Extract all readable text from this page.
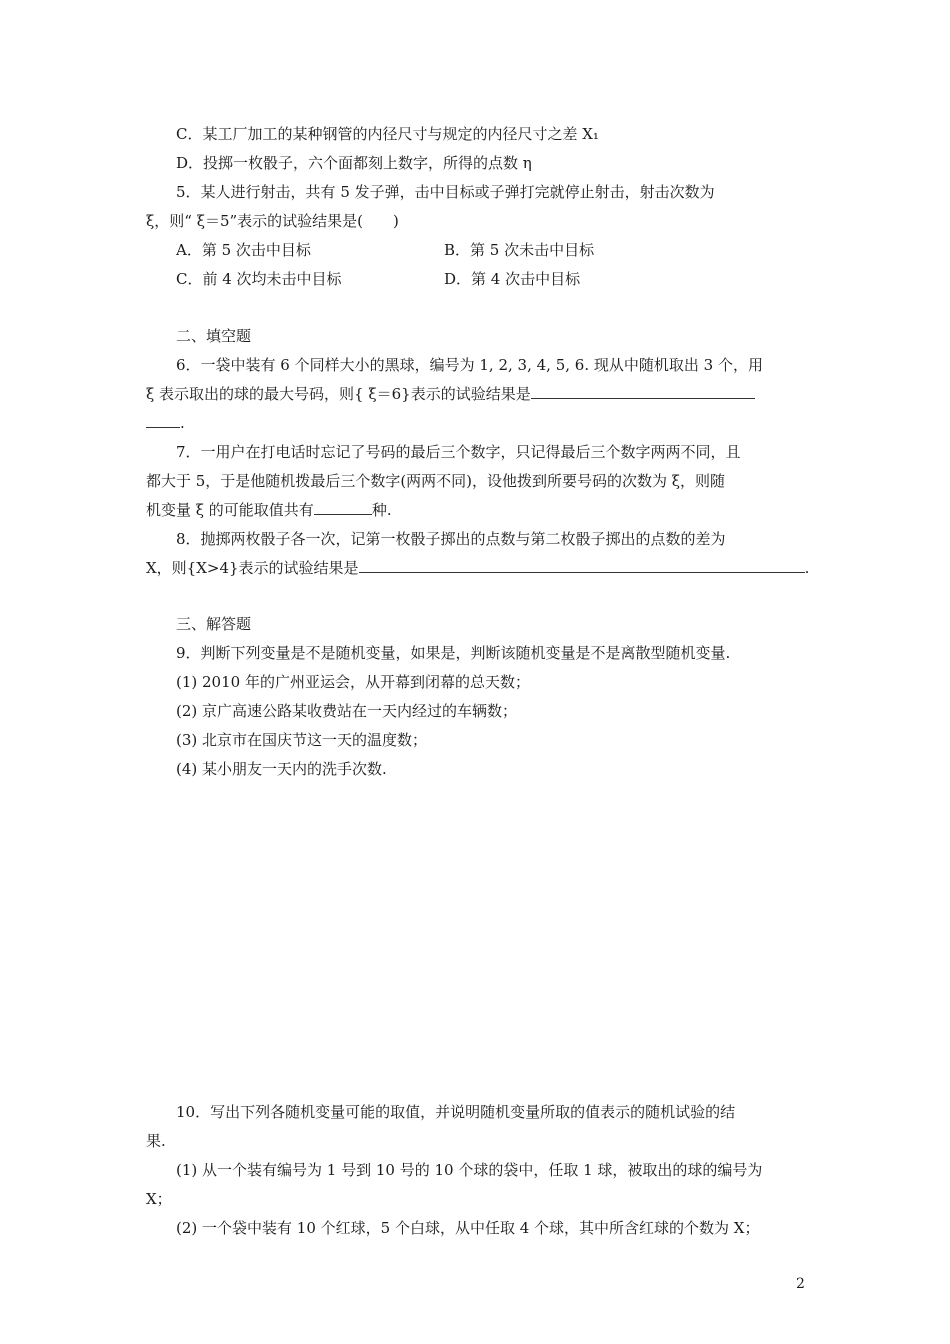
C．某工厂加工的某种钢管的内径尺寸与规定的内径尺寸之差 X₁
D．投掷一枚骰子，六个面都刻上数字，所得的点数 η
5．某人进行射击，共有 5 发子弹，击中目标或子弹打完就停止射击，射击次数为
ξ，则“ ξ＝5”表示的试验结果是(　　)
A．第 5 次击中目标	B．第 5 次未击中目标
C．前 4 次均未击中目标	D．第 4 次击中目标
二、填空题
6．一袋中装有 6 个同样大小的黑球，编号为 1, 2, 3, 4, 5, 6. 现从中随机取出 3 个，用
ξ 表示取出的球的最大号码，则{ ξ＝6}表示的试验结果是
.
7．一用户在打电话时忘记了号码的最后三个数字，只记得最后三个数字两两不同，且
都大于 5，于是他随机拨最后三个数字(两两不同)，设他拨到所要号码的次数为 ξ，则随
机变量 ξ 的可能取值共有	种.
8．抛掷两枚骰子各一次，记第一枚骰子掷出的点数与第二枚骰子掷出的点数的差为
X，则{X>4}表示的试验结果是	.
三、解答题
9．判断下列变量是不是随机变量，如果是，判断该随机变量是不是离散型随机变量.
(1) 2010 年的广州亚运会，从开幕到闭幕的总天数；
(2) 京广高速公路某收费站在一天内经过的车辆数；
(3) 北京市在国庆节这一天的温度数；
(4) 某小朋友一天内的洗手次数.
10．写出下列各随机变量可能的取值，并说明随机变量所取的值表示的随机试验的结
果.
(1) 从一个装有编号为 1 号到 10 号的 10 个球的袋中，任取 1 球，被取出的球的编号为
X；
(2) 一个袋中装有 10 个红球，5 个白球，从中任取 4 个球，其中所含红球的个数为 X；
2
